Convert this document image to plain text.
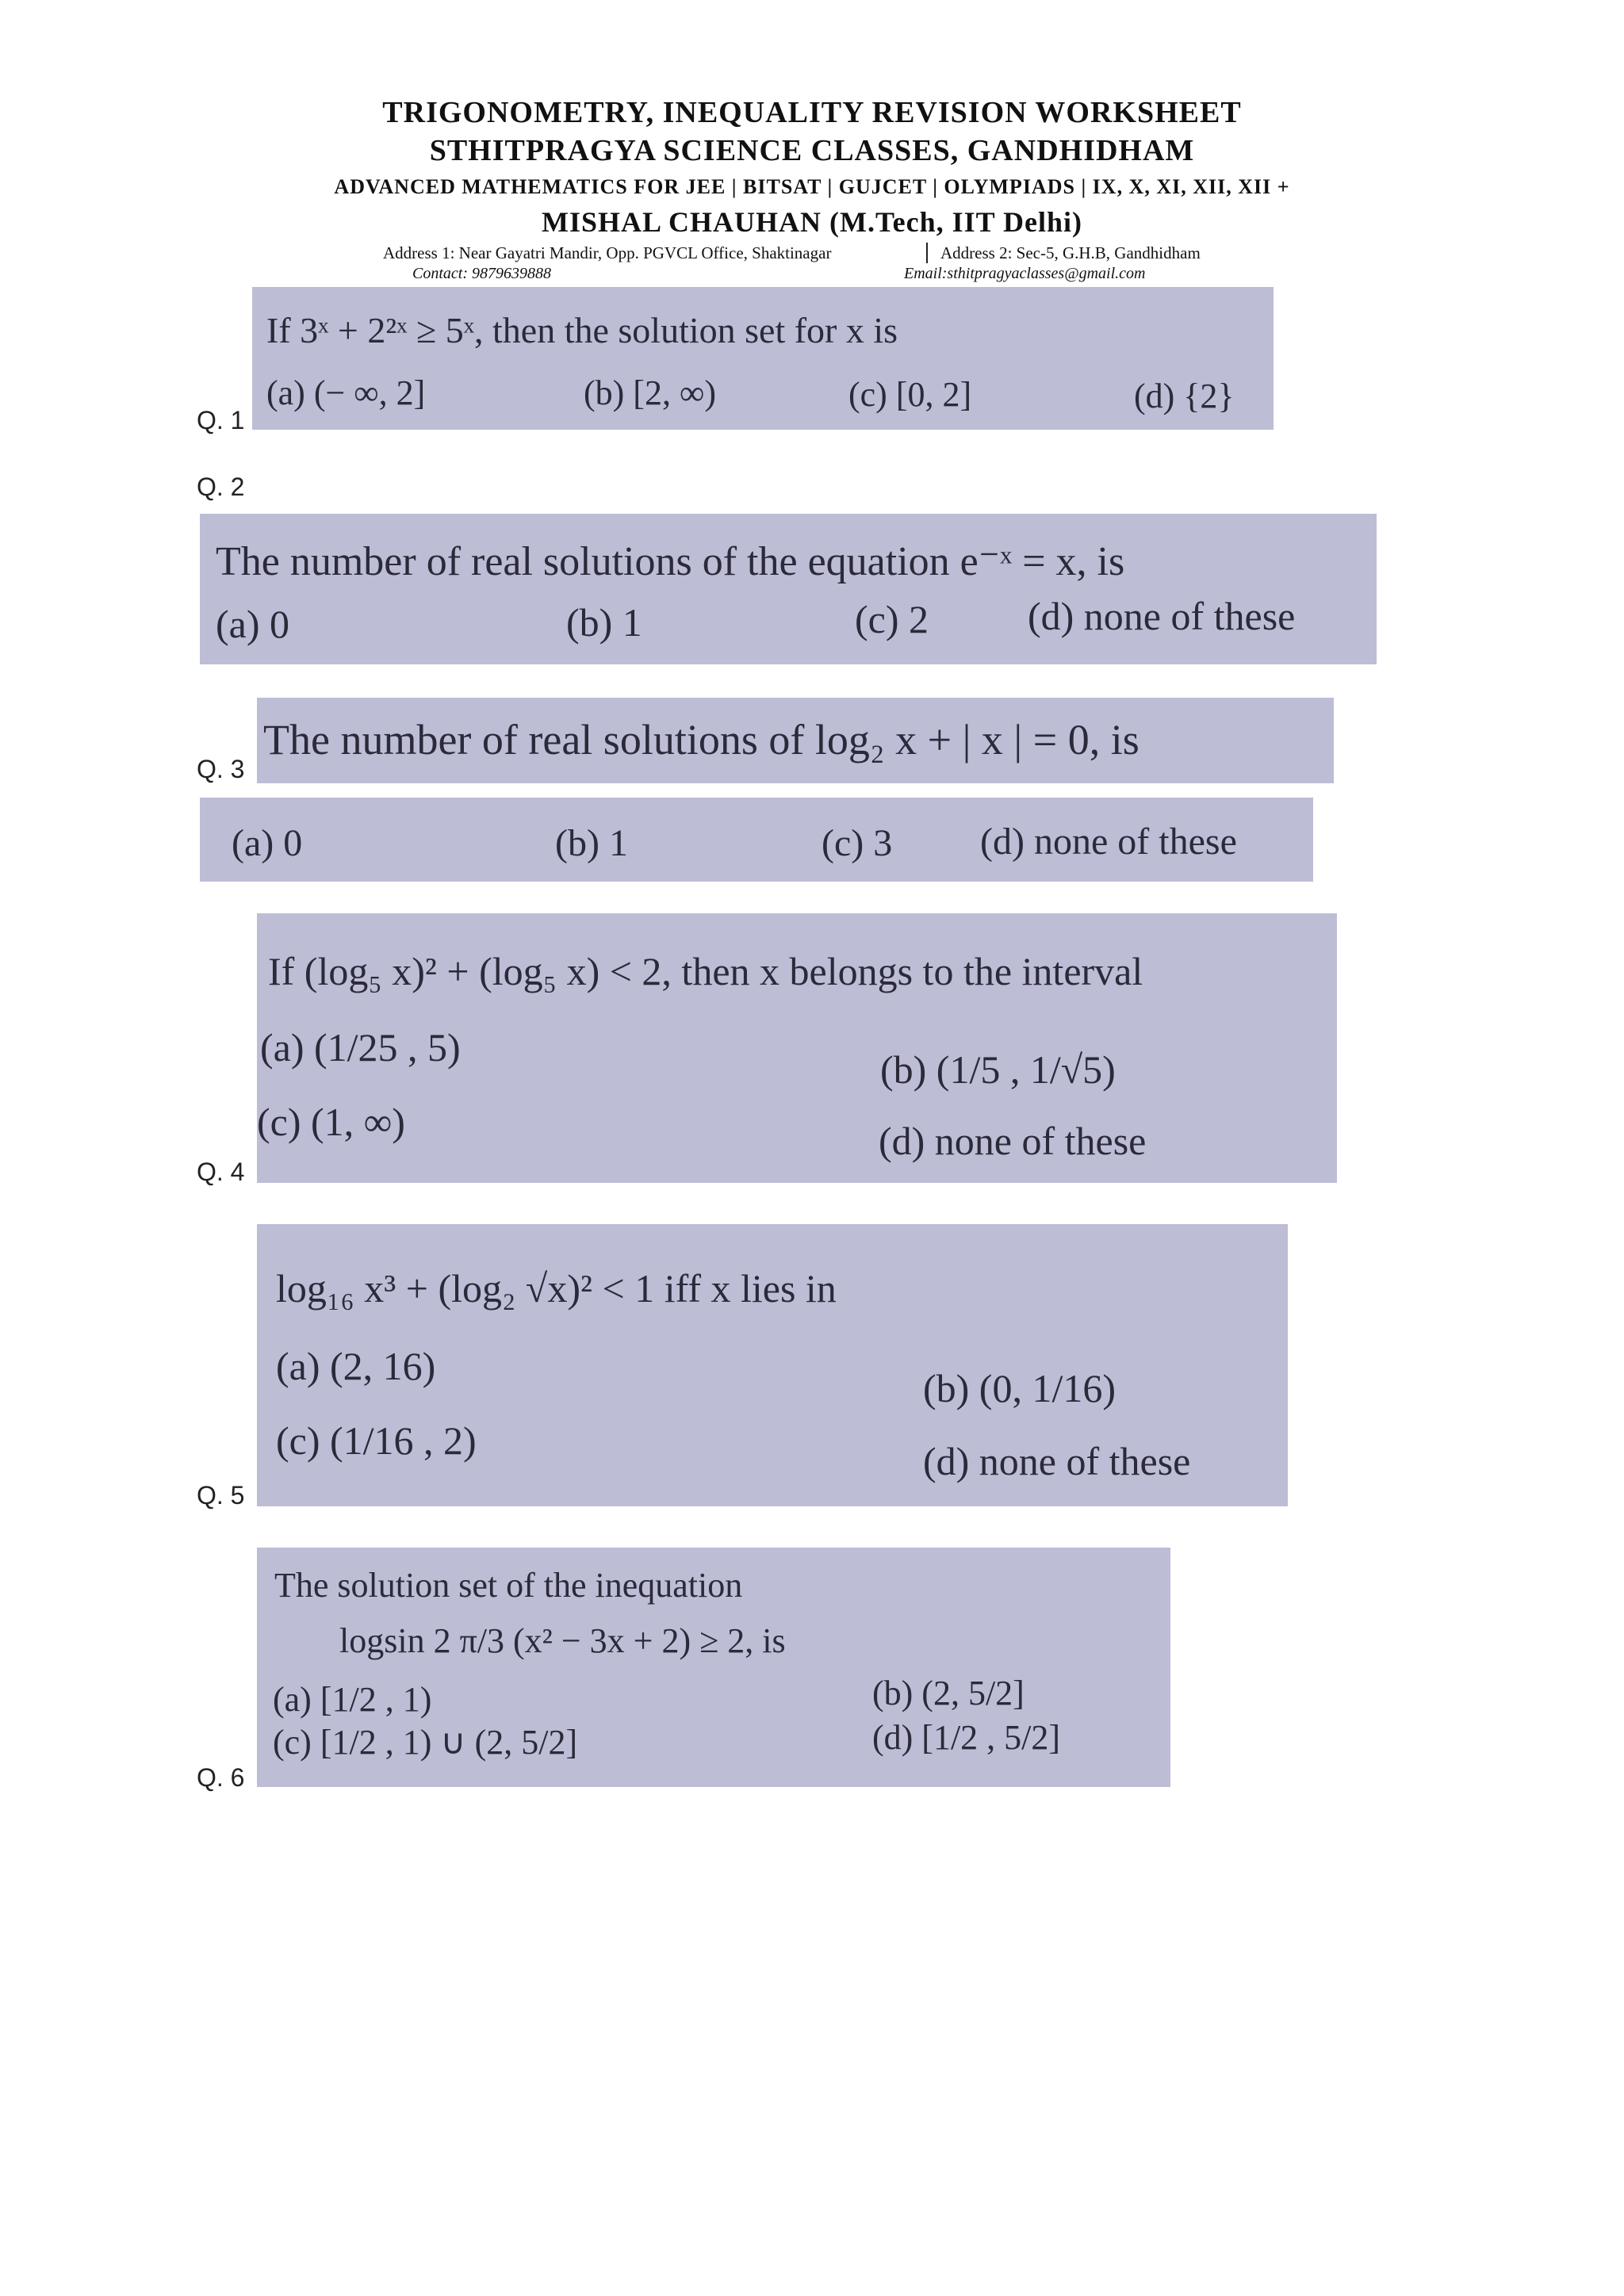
TRIGONOMETRY, INEQUALITY REVISION WORKSHEET
STHITPRAGYA SCIENCE CLASSES, GANDHIDHAM
ADVANCED MATHEMATICS FOR JEE | BITSAT | GUJCET | OLYMPIADS | IX, X, XI, XII, XII +
MISHAL CHAUHAN (M.Tech, IIT Delhi)
Address 1: Near Gayatri Mandir, Opp. PGVCL Office, Shaktinagar	Address 2: Sec-5, G.H.B, Gandhidham
Contact: 9879639888	Email:sthitpragyaclasses@gmail.com
Q. 1
If 3ˣ + 2²ˣ ≥ 5ˣ, then the solution set for x is
(a) (− ∞, 2]	(b) [2, ∞)	(c) [0, 2]	(d) {2}
Q. 2
The number of real solutions of the equation e⁻ˣ = x, is
(a) 0	(b) 1	(c) 2	(d) none of these
Q. 3
The number of real solutions of log₂ x + | x | = 0, is
(a) 0	(b) 1	(c) 3 (d) none of these
Q. 4
If (log₅ x)² + (log₅ x) < 2, then x belongs to the interval
(a) (1/25 , 5)	(b) (1/5 , 1/√5)
(c) (1, ∞)	(d) none of these
Q. 5
log₁₆ x³ + (log₂ √x)² < 1 iff x lies in
(a) (2, 16)	(b) (0, 1/16)
(c) (1/16 , 2)	(d) none of these
Q. 6
The solution set of the inequation
logsin 2 π/3 (x² − 3x + 2) ≥ 2, is
(a) [1/2 , 1)	(b) (2, 5/2]
(c) [1/2 , 1) ∪ (2, 5/2]	(d) [1/2 , 5/2]
